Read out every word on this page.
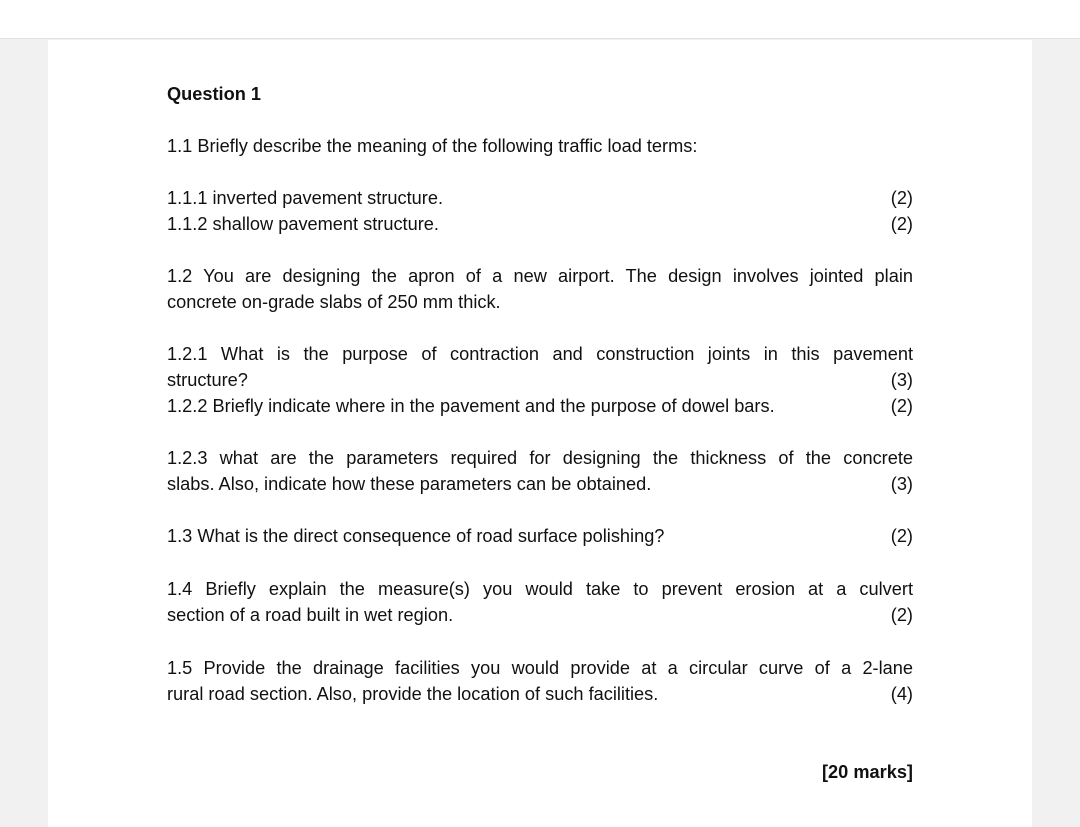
Question 1
1.1 Briefly describe the meaning of the following traffic load terms:
1.1.1 inverted pavement structure.	(2)
1.1.2 shallow pavement structure.	(2)
1.2 You are designing the apron of a new airport. The design involves jointed plain
concrete on-grade slabs of 250 mm thick.
1.2.1 What is the purpose of contraction and construction joints in this pavement
structure?	(3)
1.2.2 Briefly indicate where in the pavement and the purpose of dowel bars.	(2)
1.2.3 what are the parameters required for designing the thickness of the concrete
slabs. Also, indicate how these parameters can be obtained.	(3)
1.3 What is the direct consequence of road surface polishing?	(2)
1.4 Briefly explain the measure(s) you would take to prevent erosion at a culvert
section of a road built in wet region.	(2)
1.5 Provide the drainage facilities you would provide at a circular curve of a 2-lane
rural road section. Also, provide the location of such facilities.	(4)
[20 marks]
